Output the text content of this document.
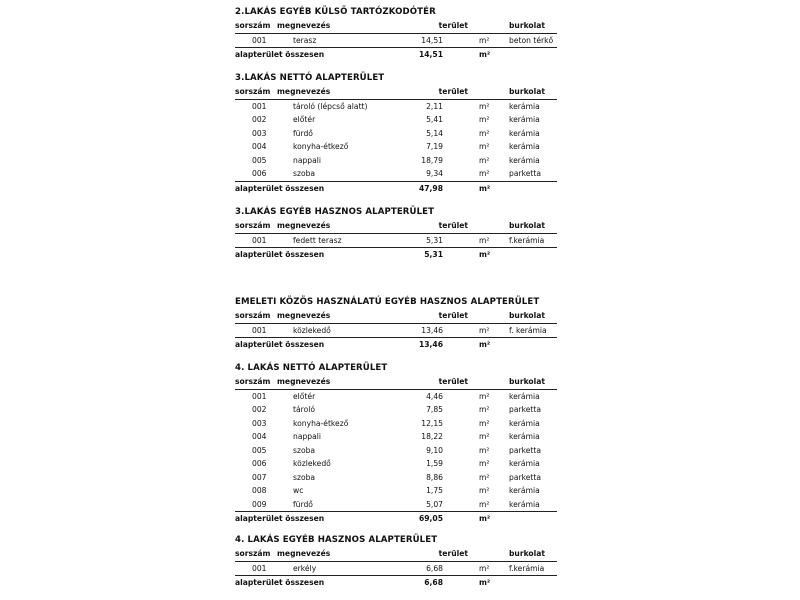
2.LAKÁS EGYÉB KÜLSŐ TARTÓZKODÓTÉR
sorszám megnevezés	terület	burkolat
001	terasz	14,51	m²	beton térkő
alapterület összesen	14,51	m²
3.LAKÁS NETTÓ ALAPTERÜLET
sorszám megnevezés	terület	burkolat
001	tároló (lépcső alatt)	2,11	m²	kerámia
002	előtér	5,41	m²	kerámia
003	fürdő	5,14	m²	kerámia
004	konyha-étkező	7,19	m²	kerámia
005	nappali	18,79	m²	kerámia
006	szoba	9,34	m²	parketta
alapterület összesen	47,98	m²
3.LAKÁS EGYÉB HASZNOS ALAPTERÜLET
sorszám megnevezés	terület	burkolat
001	fedett terasz	5,31	m²	f.kerámia
alapterület összesen	5,31	m²
EMELETI KÖZÖS HASZNÁLATÚ EGYÉB HASZNOS ALAPTERÜLET
sorszám megnevezés	terület	burkolat
001	közlekedő	13,46	m²	f. kerámia
alapterület összesen	13,46	m²
4. LAKÁS NETTÓ ALAPTERÜLET
sorszám megnevezés	terület	burkolat
001	előtér	4,46	m²	kerámia
002	tároló	7,85	m²	parketta
003	konyha-étkező	12,15	m²	kerámia
004	nappali	18,22	m²	kerámia
005	szoba	9,10	m²	parketta
006	közlekedő	1,59	m²	kerámia
007	szoba	8,86	m²	parketta
008	wc	1,75	m²	kerámia
009	fürdő	5,07	m²	kerámia
alapterület összesen	69,05	m²
4. LAKÁS EGYÉB HASZNOS ALAPTERÜLET
sorszám megnevezés	terület	burkolat
001	erkély	6,68	m²	f.kerámia
alapterület összesen	6,68	m²
